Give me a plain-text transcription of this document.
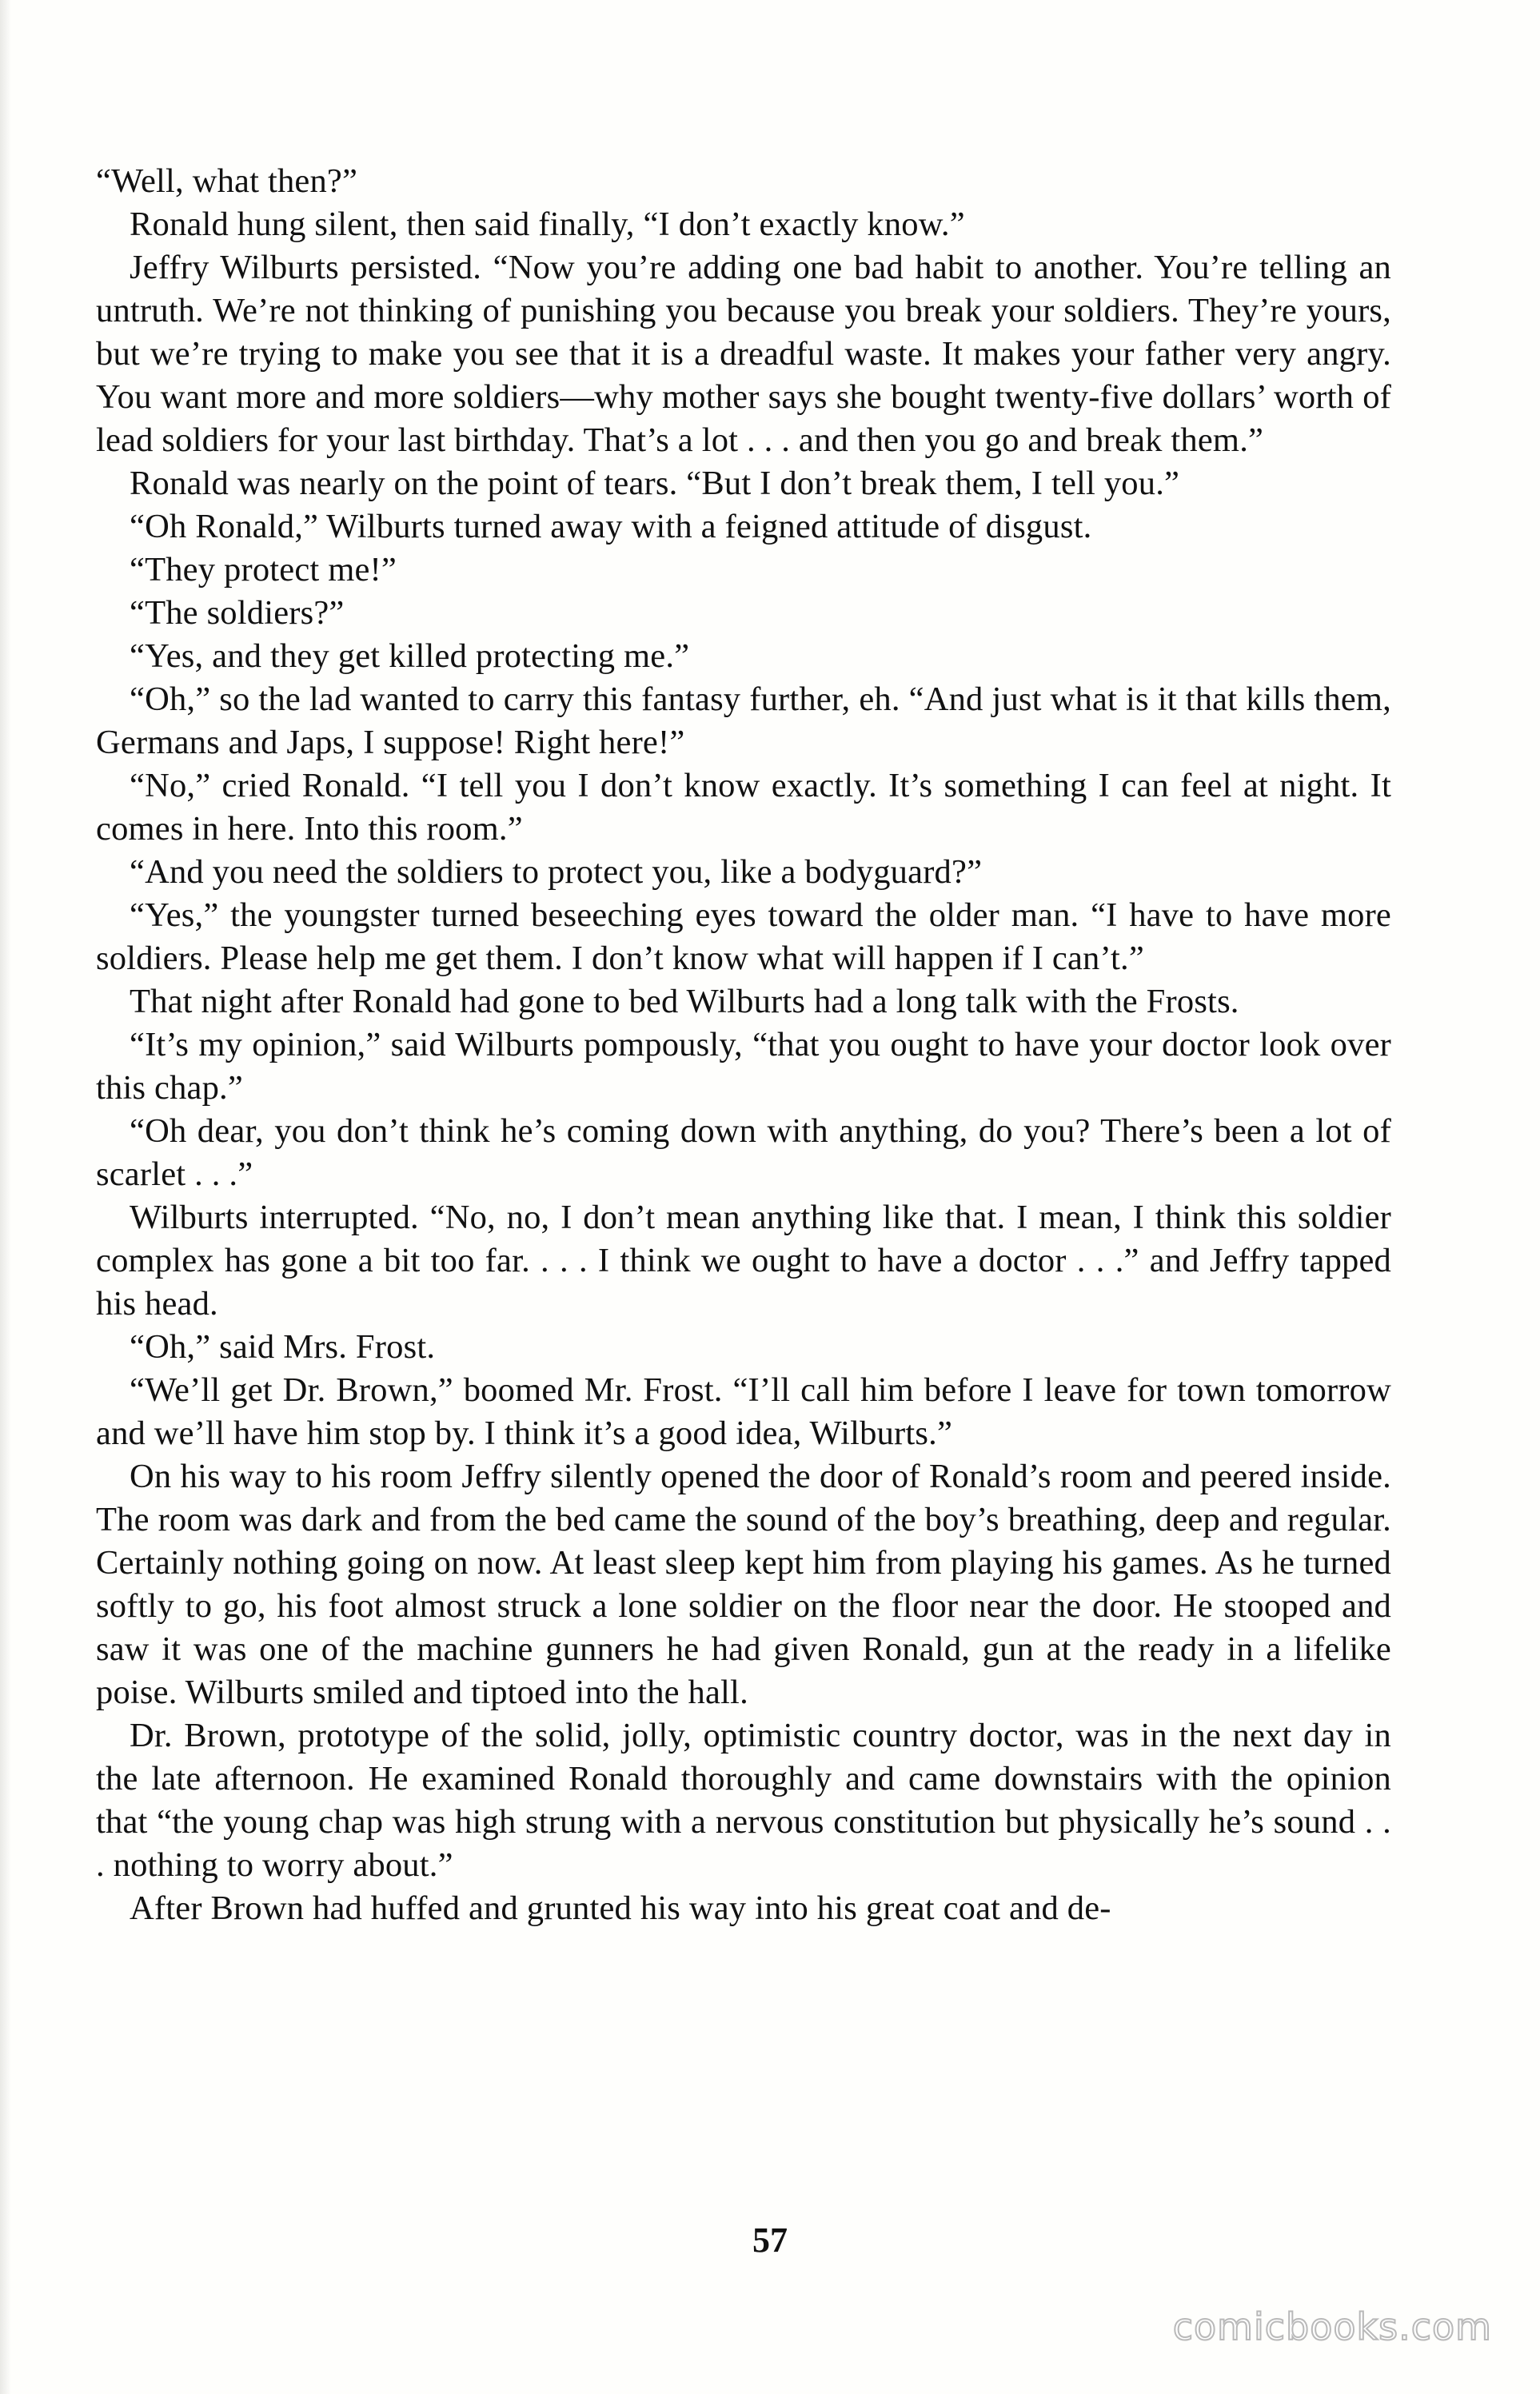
“Well, what then?”

Ronald hung silent, then said finally, “I don’t exactly know.”

Jeffry Wilburts persisted. “Now you’re adding one bad habit to another. You’re telling an untruth. We’re not thinking of punishing you because you break your soldiers. They’re yours, but we’re trying to make you see that it is a dreadful waste. It makes your father very angry. You want more and more soldiers—why mother says she bought twenty-five dollars’ worth of lead soldiers for your last birthday. That’s a lot . . . and then you go and break them.”

Ronald was nearly on the point of tears. “But I don’t break them, I tell you.”

“Oh Ronald,” Wilburts turned away with a feigned attitude of disgust.

“They protect me!”

“The soldiers?”

“Yes, and they get killed protecting me.”

“Oh,” so the lad wanted to carry this fantasy further, eh. “And just what is it that kills them, Germans and Japs, I suppose! Right here!”

“No,” cried Ronald. “I tell you I don’t know exactly. It’s something I can feel at night. It comes in here. Into this room.”

“And you need the soldiers to protect you, like a bodyguard?”

“Yes,” the youngster turned beseeching eyes toward the older man. “I have to have more soldiers. Please help me get them. I don’t know what will happen if I can’t.”

That night after Ronald had gone to bed Wilburts had a long talk with the Frosts.

“It’s my opinion,” said Wilburts pompously, “that you ought to have your doctor look over this chap.”

“Oh dear, you don’t think he’s coming down with anything, do you? There’s been a lot of scarlet . . .”

Wilburts interrupted. “No, no, I don’t mean anything like that. I mean, I think this soldier complex has gone a bit too far. . . . I think we ought to have a doctor . . .” and Jeffry tapped his head.

“Oh,” said Mrs. Frost.

“We’ll get Dr. Brown,” boomed Mr. Frost. “I’ll call him before I leave for town tomorrow and we’ll have him stop by. I think it’s a good idea, Wilburts.”

On his way to his room Jeffry silently opened the door of Ronald’s room and peered inside. The room was dark and from the bed came the sound of the boy’s breathing, deep and regular. Certainly nothing going on now. At least sleep kept him from playing his games. As he turned softly to go, his foot almost struck a lone soldier on the floor near the door. He stooped and saw it was one of the machine gunners he had given Ronald, gun at the ready in a lifelike poise. Wilburts smiled and tiptoed into the hall.

Dr. Brown, prototype of the solid, jolly, optimistic country doctor, was in the next day in the late afternoon. He examined Ronald thoroughly and came downstairs with the opinion that “the young chap was high strung with a nervous constitution but physically he’s sound . . . nothing to worry about.”

After Brown had huffed and grunted his way into his great coat and de-

57
comicbooks.com
